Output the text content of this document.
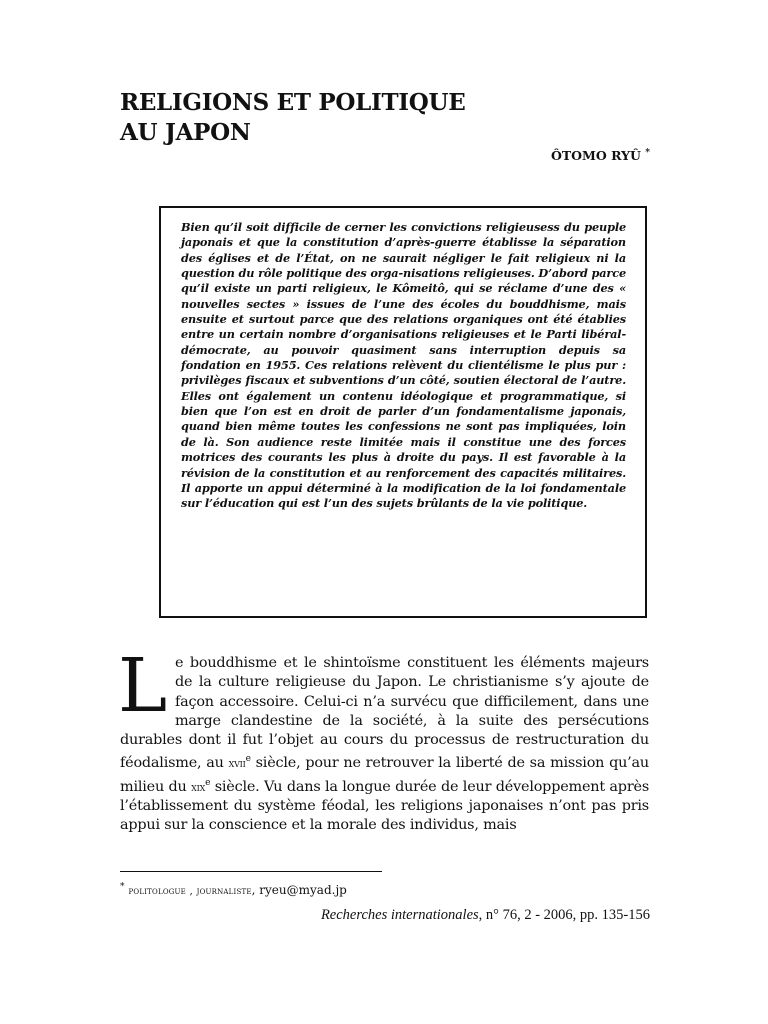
RELIGIONS ET POLITIQUE
AU JAPON
ÔTOMO RYÛ *

Bien qu’il soit difficile de cerner les convictions religieusess du peuple japonais et que la constitution d’après-guerre établisse la séparation des églises et de l’État, on ne saurait négliger le fait religieux ni la question du rôle politique des orga-nisations religieuses. D’abord parce qu’il existe un parti religieux, le Kômeitô, qui se réclame d’une des « nouvelles sectes » issues de l’une des écoles du bouddhisme, mais ensuite et surtout parce que des relations organiques ont été établies entre un certain nombre d’organisations religieuses et le Parti libéral-démocrate, au pouvoir quasiment sans interruption depuis sa fondation en 1955. Ces relations relèvent du clientélisme le plus pur : privilèges fiscaux et subventions d’un côté, soutien électoral de l’autre. Elles ont également un contenu idéologique et programmatique, si bien que l’on est en droit de parler d’un fondamentalisme japonais, quand bien même toutes les confessions ne sont pas impliquées, loin de là. Son audience reste limitée mais il constitue une des forces motrices des courants les plus à droite du pays. Il est favorable à la révision de la constitution et au renforcement des capacités militaires. Il apporte un appui déterminé à la modification de la loi fondamentale sur l’éducation qui est l’un des sujets brûlants de la vie politique.

Le bouddhisme et le shintoïsme constituent les éléments majeurs de la culture religieuse du Japon. Le christianisme s’y ajoute de façon accessoire. Celui-ci n’a survécu que difficilement, dans une marge clandestine de la société, à la suite des persécutions durables dont il fut l’objet au cours du processus de restructuration du féodalisme, au xvii$^e$ siècle, pour ne retrouver la liberté de sa mission qu’au milieu du xix$^e$ siècle. Vu dans la longue durée de leur développement après l’établissement du système féodal, les religions japonaises n’ont pas pris appui sur la conscience et la morale des individus, mais

* politologue , journaliste, ryeu@myad.jp
Recherches internationales, n° 76, 2 - 2006, pp. 135-156
